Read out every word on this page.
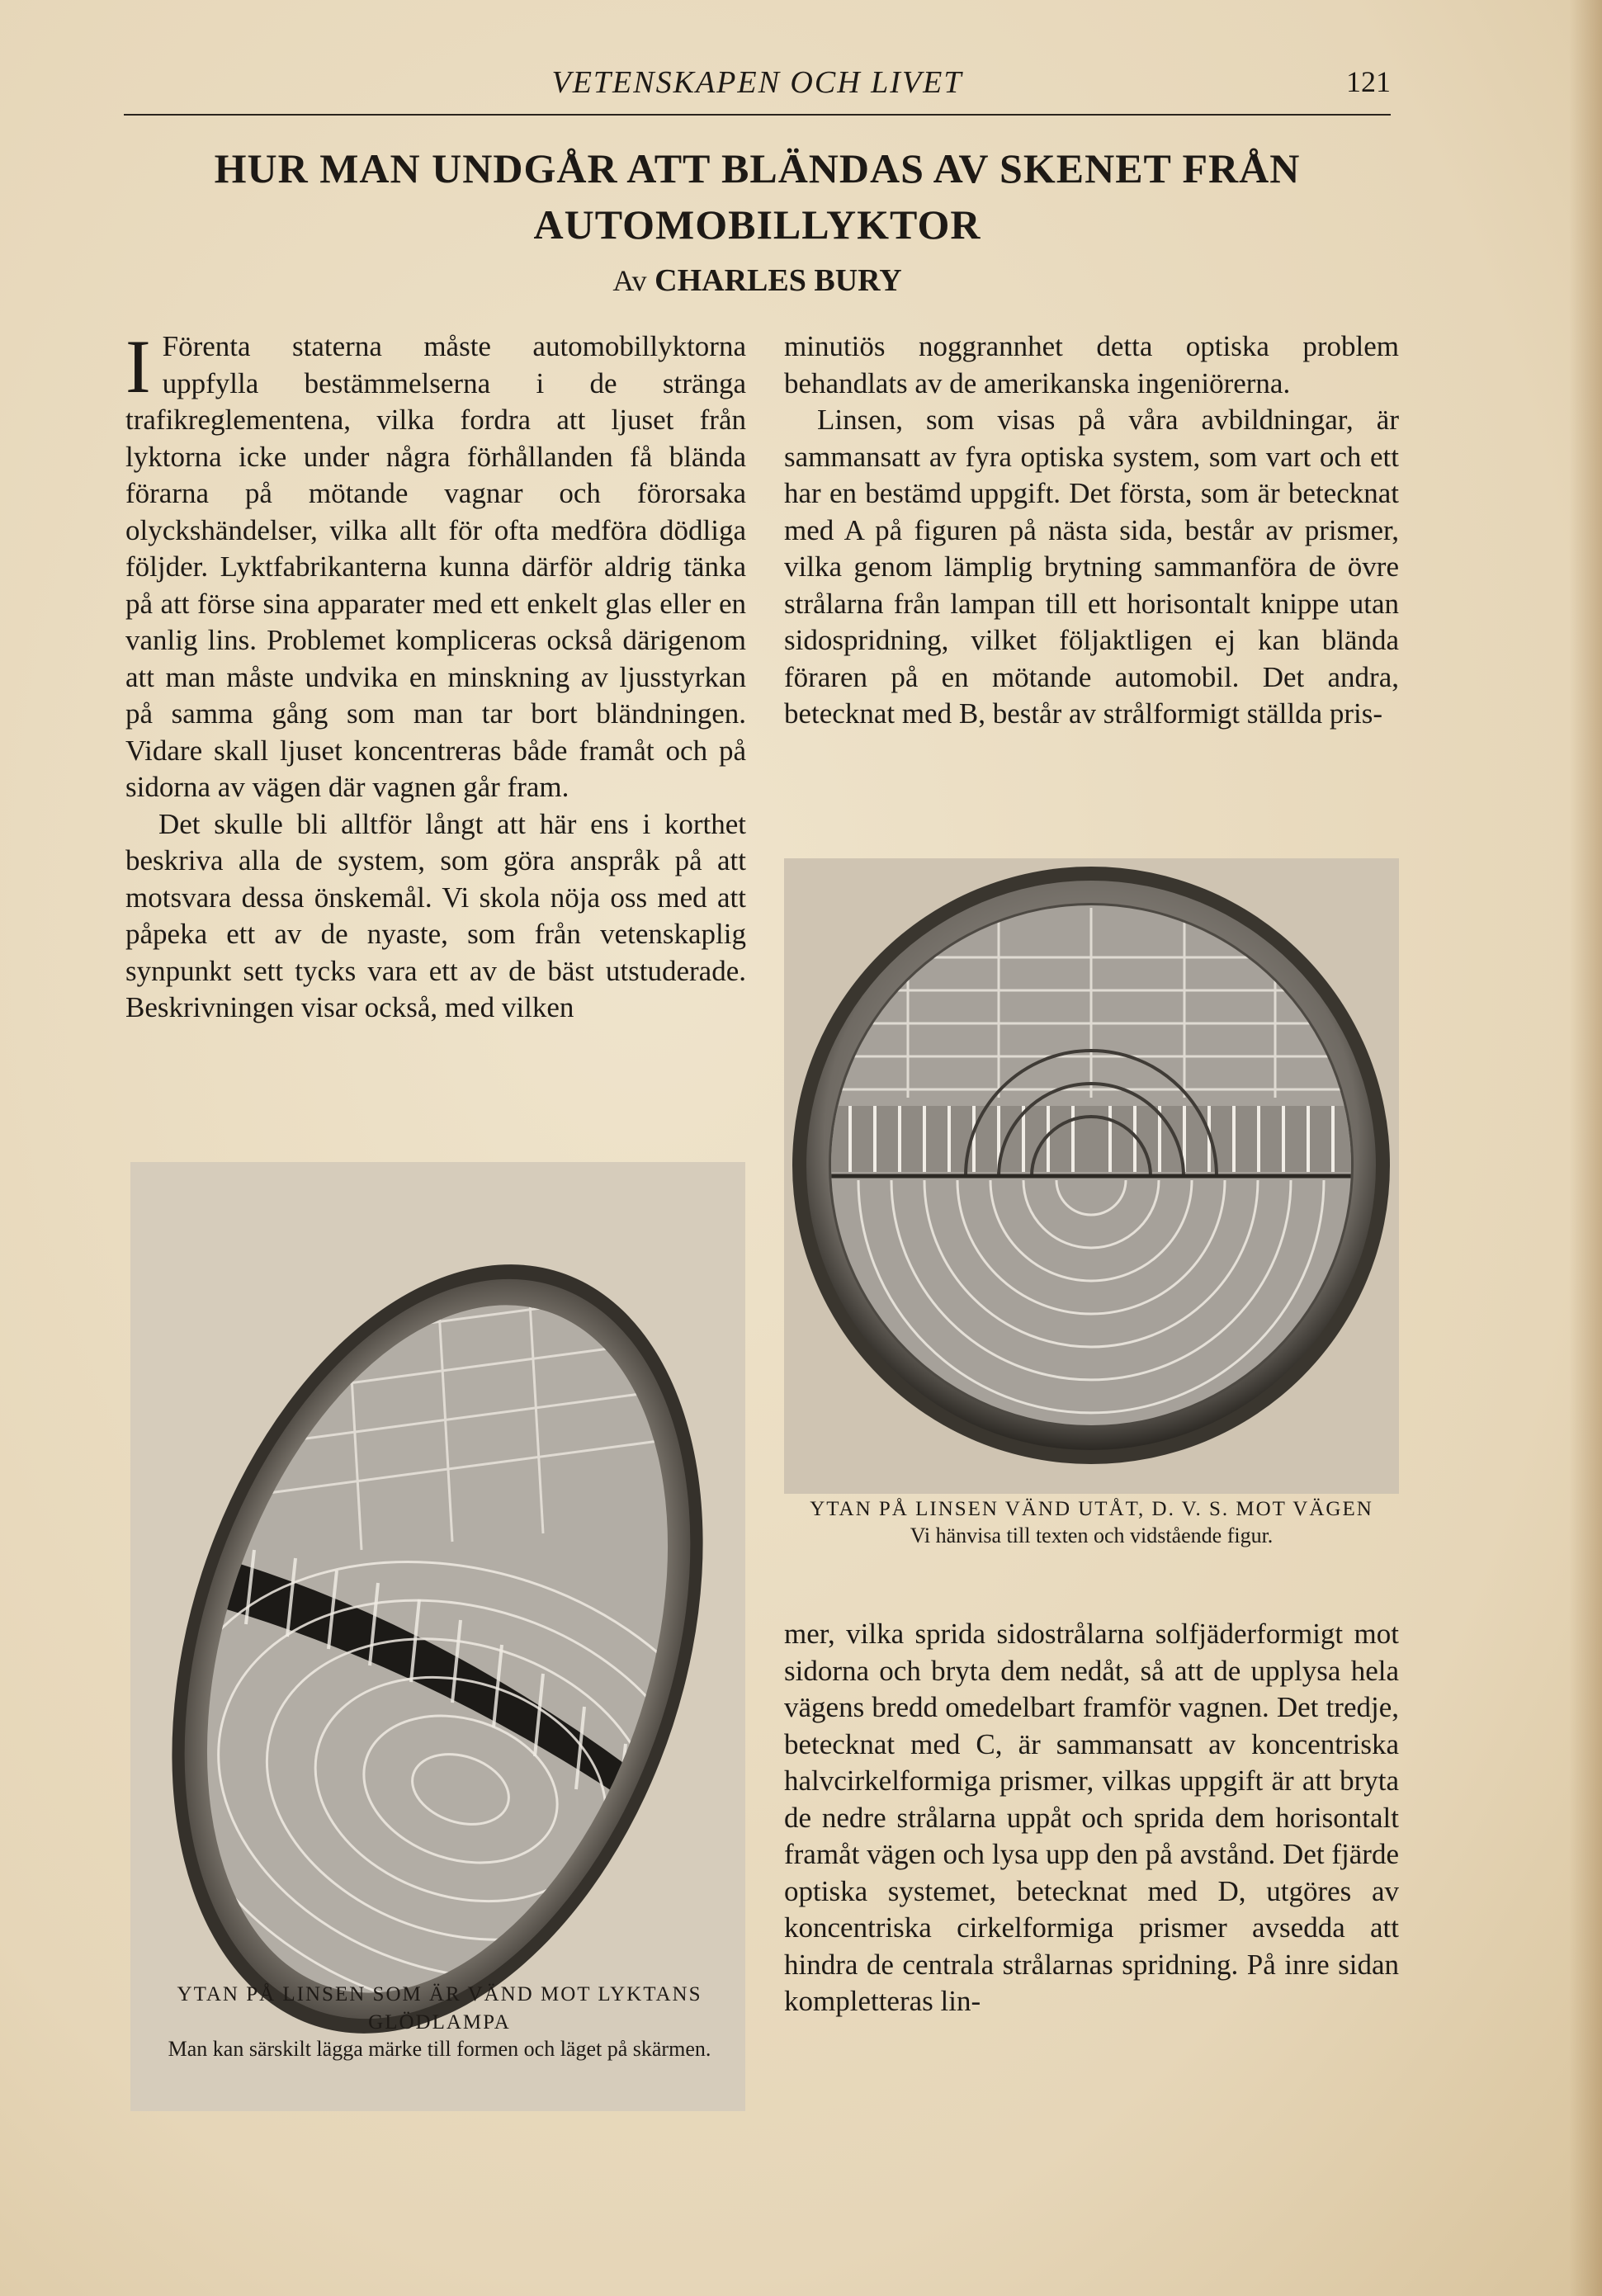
VETENSKAPEN OCH LIVET	121
HUR MAN UNDGÅR ATT BLÄNDAS AV SKENET FRÅN
AUTOMOBILLYKTOR
Av CHARLES BURY

I Förenta staterna måste automobillyktorna uppfylla bestämmelserna i de stränga trafikreglementena, vilka fordra att ljuset från lyktorna icke under några förhållanden få blända förarna på mötande vagnar och förorsaka olyckshändelser, vilka allt för ofta medföra dödliga följder. Lyktfabrikanterna kunna därför aldrig tänka på att förse sina apparater med ett enkelt glas eller en vanlig lins. Problemet kompliceras också därigenom att man måste undvika en minskning av ljusstyrkan på samma gång som man tar bort bländningen. Vidare skall ljuset koncentreras både framåt och på sidorna av vägen där vagnen går fram.

Det skulle bli alltför långt att här ens i korthet beskriva alla de system, som göra anspråk på att motsvara dessa önskemål. Vi skola nöja oss med att påpeka ett av de nyaste, som från vetenskaplig synpunkt sett tycks vara ett av de bäst utstuderade. Beskrivningen visar också, med vilken

minutiös noggrannhet detta optiska problem behandlats av de amerikanska ingeniörerna.

Linsen, som visas på våra avbildningar, är sammansatt av fyra optiska system, som vart och ett har en bestämd uppgift. Det första, som är betecknat med A på figuren på nästa sida, består av prismer, vilka genom lämplig brytning sammanföra de övre strålarna från lampan till ett horisontalt knippe utan sidospridning, vilket följaktligen ej kan blända föraren på en mötande automobil. Det andra, betecknat med B, består av strålformigt ställda pris-

YTAN PÅ LINSEN VÄND UTÅT, D. V. S. MOT VÄGEN
Vi hänvisa till texten och vidstående figur.

mer, vilka sprida sidostrålarna solfjäderformigt mot sidorna och bryta dem nedåt, så att de upplysa hela vägens bredd omedelbart framför vagnen. Det tredje, betecknat med C, är sammansatt av koncentriska halvcirkelformiga prismer, vilkas uppgift är att bryta de nedre strålarna uppåt och sprida dem horisontalt framåt vägen och lysa upp den på avstånd. Det fjärde optiska systemet, betecknat med D, utgöres av koncentriska cirkelformiga prismer avsedda att hindra de centrala strålarnas spridning. På inre sidan kompletteras lin-

YTAN PÅ LINSEN SOM ÄR VÄND MOT LYKTANS GLÖDLAMPA
Man kan särskilt lägga märke till formen och läget på skärmen.
